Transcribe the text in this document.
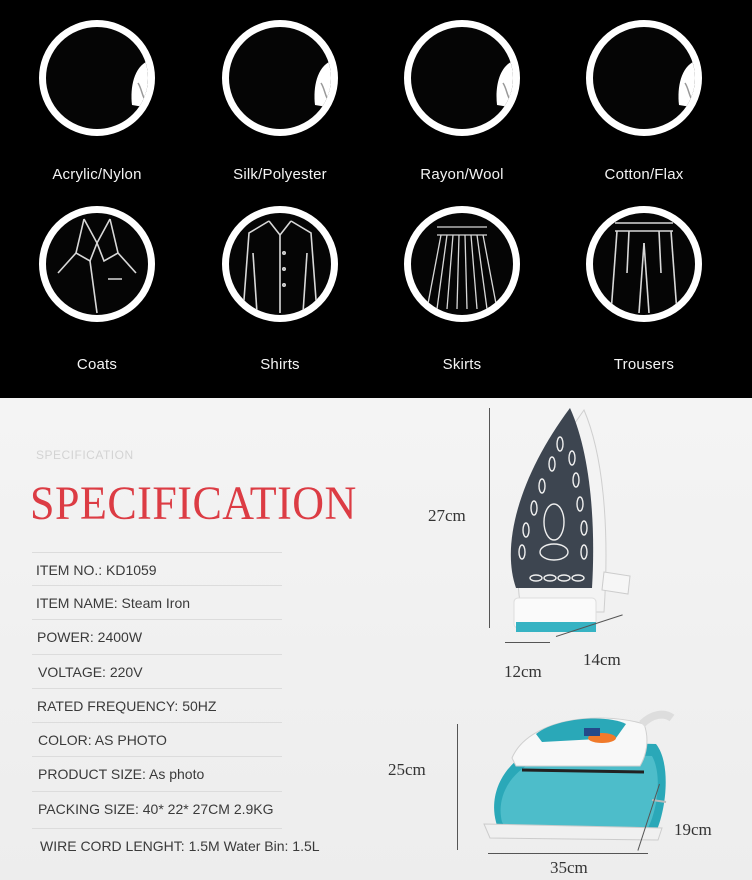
Acrylic/Nylon	Silk/Polyester	Rayon/Wool	Cotton/Flax
Coats	Shirts	Skirts	Trousers
SPECIFICATION
SPECIFICATION
ITEM NO.: KD1059
ITEM NAME: Steam Iron
POWER: 2400W
VOLTAGE: 220V
RATED FREQUENCY: 50HZ
COLOR: AS PHOTO
PRODUCT SIZE: As photo
PACKING SIZE: 40* 22* 27CM 2.9KG
WIRE CORD LENGHT: 1.5M Water Bin: 1.5L
27cm
12cm
14cm
25cm
19cm
35cm
